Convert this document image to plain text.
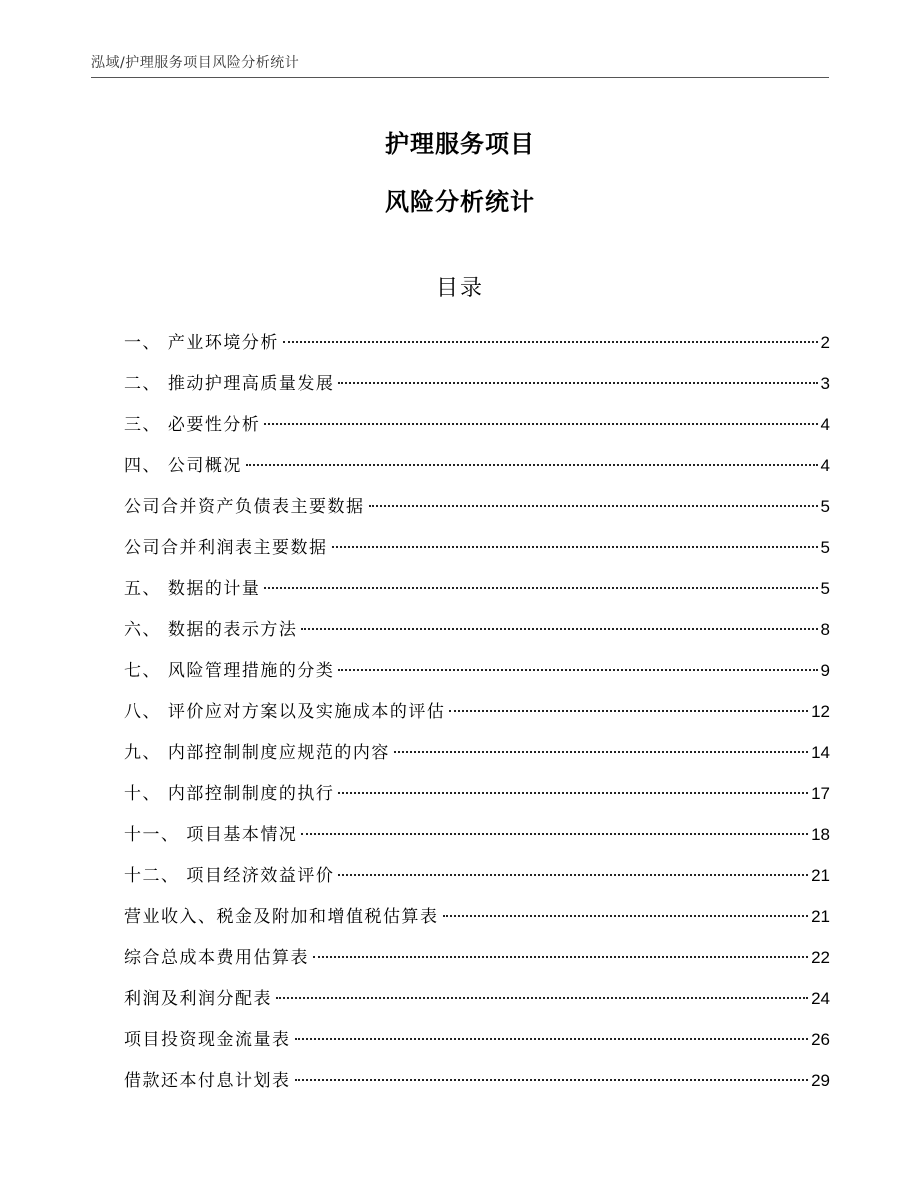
泓域/护理服务项目风险分析统计
护理服务项目
风险分析统计
目录
一、 产业环境分析	2
二、 推动护理高质量发展	3
三、 必要性分析	4
四、 公司概况	4
公司合并资产负债表主要数据	5
公司合并利润表主要数据	5
五、 数据的计量	5
六、 数据的表示方法	8
七、 风险管理措施的分类	9
八、 评价应对方案以及实施成本的评估	12
九、 内部控制制度应规范的内容	14
十、 内部控制制度的执行	17
十一、 项目基本情况	18
十二、 项目经济效益评价	21
营业收入、税金及附加和增值税估算表	21
综合总成本费用估算表	22
利润及利润分配表	24
项目投资现金流量表	26
借款还本付息计划表	29
